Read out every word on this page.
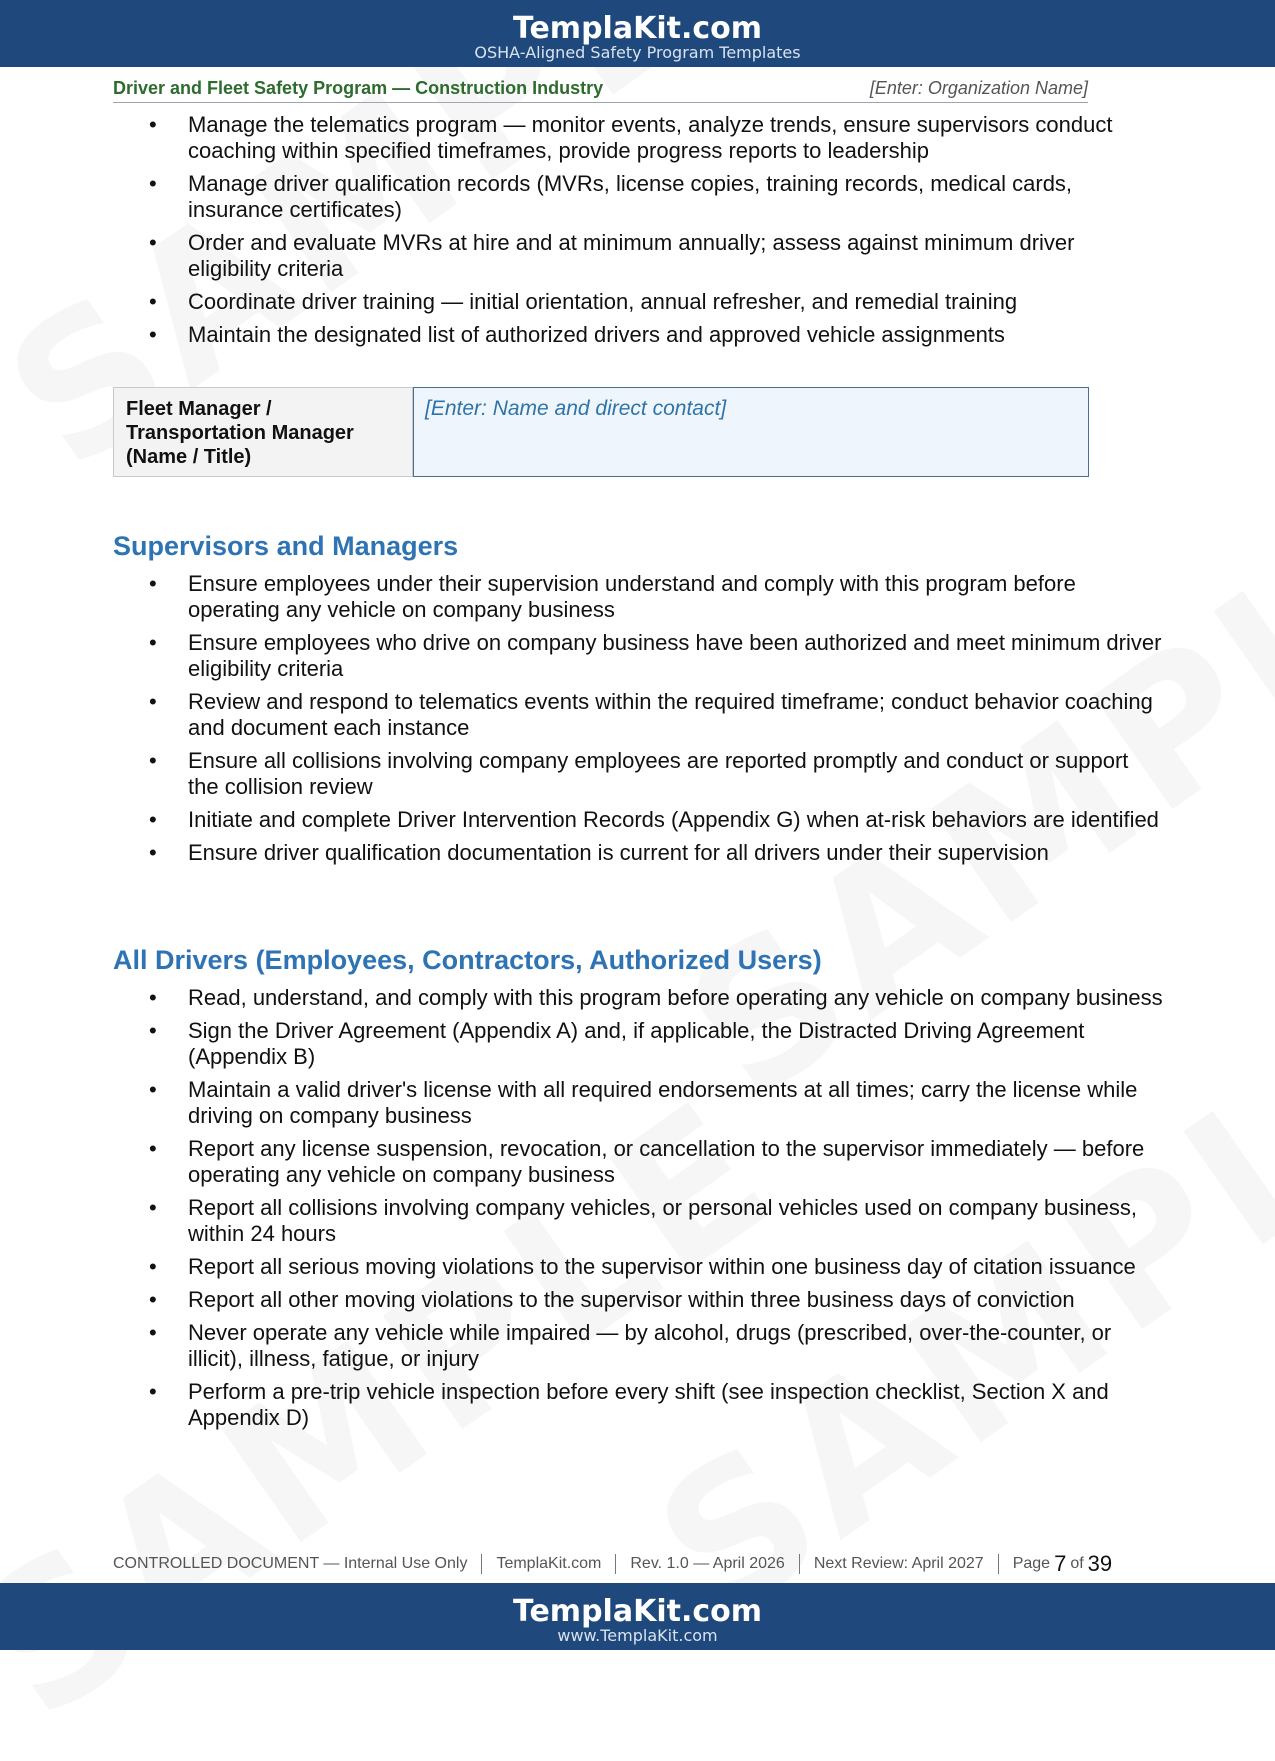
TemplaKit.com
OSHA-Aligned Safety Program Templates
Driver and Fleet Safety Program — Construction Industry	[Enter: Organization Name]
• Manage the telematics program — monitor events, analyze trends, ensure supervisors conduct coaching within specified timeframes, provide progress reports to leadership
• Manage driver qualification records (MVRs, license copies, training records, medical cards, insurance certificates)
• Order and evaluate MVRs at hire and at minimum annually; assess against minimum driver eligibility criteria
• Coordinate driver training — initial orientation, annual refresher, and remedial training
• Maintain the designated list of authorized drivers and approved vehicle assignments
Fleet Manager / Transportation Manager (Name / Title)
[Enter: Name and direct contact]
Supervisors and Managers
• Ensure employees under their supervision understand and comply with this program before operating any vehicle on company business
• Ensure employees who drive on company business have been authorized and meet minimum driver eligibility criteria
• Review and respond to telematics events within the required timeframe; conduct behavior coaching and document each instance
• Ensure all collisions involving company employees are reported promptly and conduct or support the collision review
• Initiate and complete Driver Intervention Records (Appendix G) when at-risk behaviors are identified
• Ensure driver qualification documentation is current for all drivers under their supervision
All Drivers (Employees, Contractors, Authorized Users)
• Read, understand, and comply with this program before operating any vehicle on company business
• Sign the Driver Agreement (Appendix A) and, if applicable, the Distracted Driving Agreement (Appendix B)
• Maintain a valid driver's license with all required endorsements at all times; carry the license while driving on company business
• Report any license suspension, revocation, or cancellation to the supervisor immediately — before operating any vehicle on company business
• Report all collisions involving company vehicles, or personal vehicles used on company business, within 24 hours
• Report all serious moving violations to the supervisor within one business day of citation issuance
• Report all other moving violations to the supervisor within three business days of conviction
• Never operate any vehicle while impaired — by alcohol, drugs (prescribed, over-the-counter, or illicit), illness, fatigue, or injury
• Perform a pre-trip vehicle inspection before every shift (see inspection checklist, Section X and Appendix D)
CONTROLLED DOCUMENT — Internal Use Only TemplaKit.com Rev. 1.0 — April 2026 Next Review: April 2027 Page 7 of 39
TemplaKit.com
www.TemplaKit.com
